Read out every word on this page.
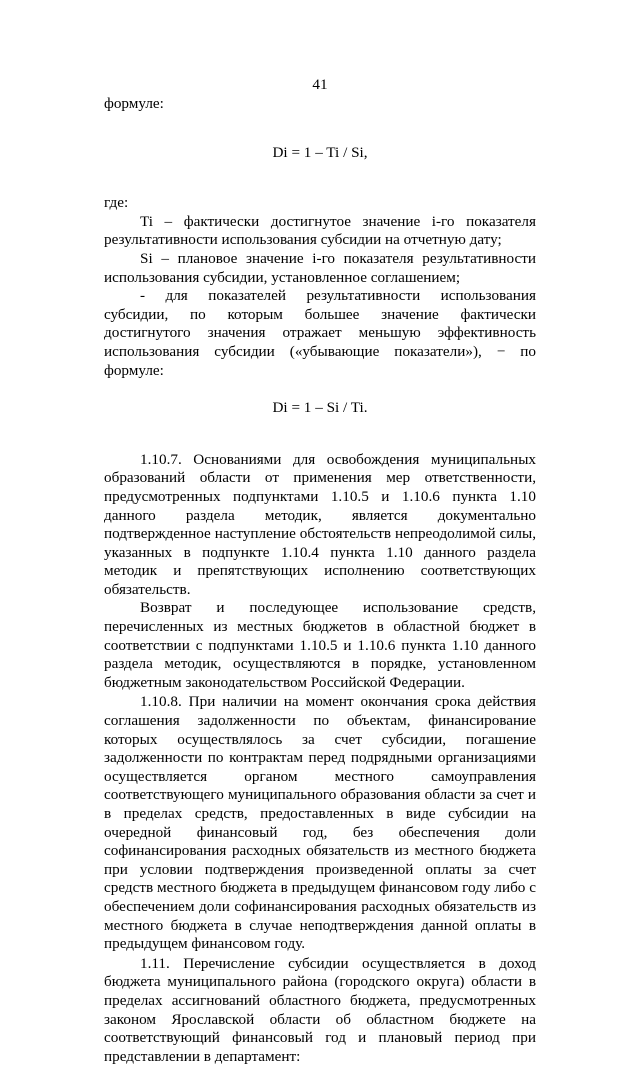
41

формуле:

Di = 1 – Ti / Si,

где:

Ti – фактически достигнутое значение i-го показателя результативности использования субсидии на отчетную дату;

Si – плановое значение i-го показателя результативности использования субсидии, установленное соглашением;

- для показателей результативности использования субсидии, по которым большее значение фактически достигнутого значения отражает меньшую эффективность использования субсидии («убывающие показатели»), − по формуле:

Di = 1 – Si / Ti.

1.10.7. Основаниями для освобождения муниципальных образований области от применения мер ответственности, предусмотренных подпунктами 1.10.5 и 1.10.6 пункта 1.10 данного раздела методик, является документально подтвержденное наступление обстоятельств непреодолимой силы, указанных в подпункте 1.10.4 пункта 1.10 данного раздела методик и препятствующих исполнению соответствующих обязательств.

Возврат и последующее использование средств, перечисленных из местных бюджетов в областной бюджет в соответствии с подпунктами 1.10.5 и 1.10.6 пункта 1.10 данного раздела методик, осуществляются в порядке, установленном бюджетным законодательством Российской Федерации.

1.10.8. При наличии на момент окончания срока действия соглашения задолженности по объектам, финансирование которых осуществлялось за счет субсидии, погашение задолженности по контрактам перед подрядными организациями осуществляется органом местного самоуправления соответствующего муниципального образования области за счет и в пределах средств, предоставленных в виде субсидии на очередной финансовый год, без обеспечения доли софинансирования расходных обязательств из местного бюджета при условии подтверждения произведенной оплаты за счет средств местного бюджета в предыдущем финансовом году либо с обеспечением доли софинансирования расходных обязательств из местного бюджета в случае неподтверждения данной оплаты в предыдущем финансовом году.

1.11. Перечисление субсидии осуществляется в доход бюджета муниципального района (городского округа) области в пределах ассигнований областного бюджета, предусмотренных законом Ярославской области об областном бюджете на соответствующий финансовый год и плановый период при представлении в департамент:
